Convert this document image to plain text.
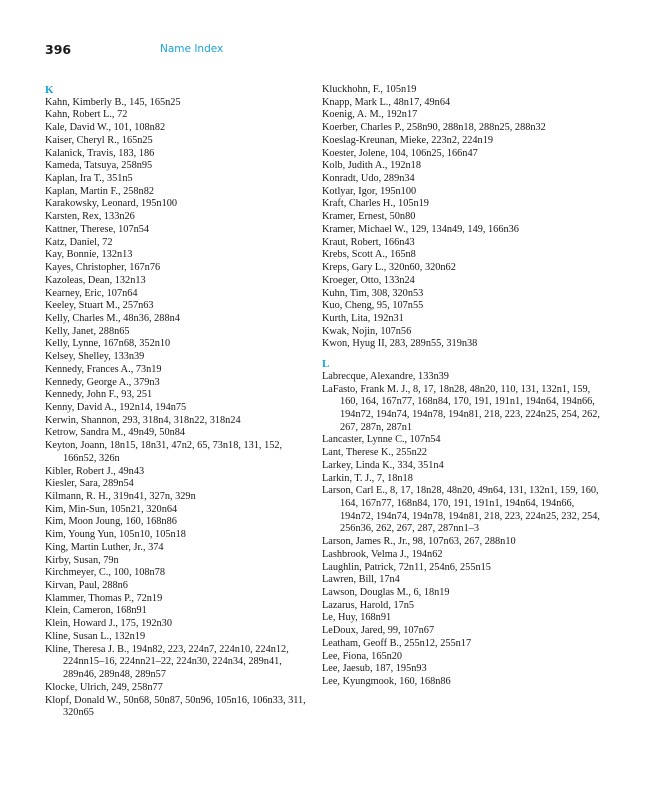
396	Name Index
K
Kahn, Kimberly B., 145, 165n25
Kahn, Robert L., 72
Kale, David W., 101, 108n82
Kaiser, Cheryl R., 165n25
Kalanick, Travis, 183, 186
Kameda, Tatsuya, 258n95
Kaplan, Ira T., 351n5
Kaplan, Martin F., 258n82
Karakowsky, Leonard, 195n100
Karsten, Rex, 133n26
Kattner, Therese, 107n54
Katz, Daniel, 72
Kay, Bonnie, 132n13
Kayes, Christopher, 167n76
Kazoleas, Dean, 132n13
Kearney, Eric, 107n64
Keeley, Stuart M., 257n63
Kelly, Charles M., 48n36, 288n4
Kelly, Janet, 288n65
Kelly, Lynne, 167n68, 352n10
Kelsey, Shelley, 133n39
Kennedy, Frances A., 73n19
Kennedy, George A., 379n3
Kennedy, John F., 93, 251
Kenny, David A., 192n14, 194n75
Kerwin, Shannon, 293, 318n4, 318n22, 318n24
Ketrow, Sandra M., 49n49, 50n84
Keyton, Joann, 18n15, 18n31, 47n2, 65, 73n18, 131, 152, 166n52, 326n
Kibler, Robert J., 49n43
Kiesler, Sara, 289n54
Kilmann, R. H., 319n41, 327n, 329n
Kim, Min-Sun, 105n21, 320n64
Kim, Moon Joung, 160, 168n86
Kim, Young Yun, 105n10, 105n18
King, Martin Luther, Jr., 374
Kirby, Susan, 79n
Kirchmeyer, C., 100, 108n78
Kirvan, Paul, 288n6
Klammer, Thomas P., 72n19
Klein, Cameron, 168n91
Klein, Howard J., 175, 192n30
Kline, Susan L., 132n19
Kline, Theresa J. B., 194n82, 223, 224n7, 224n10, 224n12, 224nn15–16, 224nn21–22, 224n30, 224n34, 289n41, 289n46, 289n48, 289n57
Klocke, Ulrich, 249, 258n77
Klopf, Donald W., 50n68, 50n87, 50n96, 105n16, 106n33, 311, 320n65
Kluckhohn, F., 105n19
Knapp, Mark L., 48n17, 49n64
Koenig, A. M., 192n17
Koerber, Charles P., 258n90, 288n18, 288n25, 288n32
Koeslag-Kreunan, Mieke, 223n2, 224n19
Koester, Jolene, 104, 106n25, 166n47
Kolb, Judith A., 192n18
Konradt, Udo, 289n34
Kotlyar, Igor, 195n100
Kraft, Charles H., 105n19
Kramer, Ernest, 50n80
Kramer, Michael W., 129, 134n49, 149, 166n36
Kraut, Robert, 166n43
Krebs, Scott A., 165n8
Kreps, Gary L., 320n60, 320n62
Kroeger, Otto, 133n24
Kuhn, Tim, 308, 320n53
Kuo, Cheng, 95, 107n55
Kurth, Lita, 192n31
Kwak, Nojin, 107n56
Kwon, Hyug II, 283, 289n55, 319n38
L
Labrecque, Alexandre, 133n39
LaFasto, Frank M. J., 8, 17, 18n28, 48n20, 110, 131, 132n1, 159, 160, 164, 167n77, 168n84, 170, 191, 191n1, 194n64, 194n66, 194n72, 194n74, 194n78, 194n81, 218, 223, 224n25, 254, 262, 267, 287n, 287n1
Lancaster, Lynne C., 107n54
Lant, Therese K., 255n22
Larkey, Linda K., 334, 351n4
Larkin, T. J., 7, 18n18
Larson, Carl E., 8, 17, 18n28, 48n20, 49n64, 131, 132n1, 159, 160, 164, 167n77, 168n84, 170, 191, 191n1, 194n64, 194n66, 194n72, 194n74, 194n78, 194n81, 218, 223, 224n25, 232, 254, 256n36, 262, 267, 287, 287nn1–3
Larson, James R., Jr., 98, 107n63, 267, 288n10
Lashbrook, Velma J., 194n62
Laughlin, Patrick, 72n11, 254n6, 255n15
Lawren, Bill, 17n4
Lawson, Douglas M., 6, 18n19
Lazarus, Harold, 17n5
Le, Huy, 168n91
LeDoux, Jared, 99, 107n67
Leatham, Geoff B., 255n12, 255n17
Lee, Fiona, 165n20
Lee, Jaesub, 187, 195n93
Lee, Kyungmook, 160, 168n86
